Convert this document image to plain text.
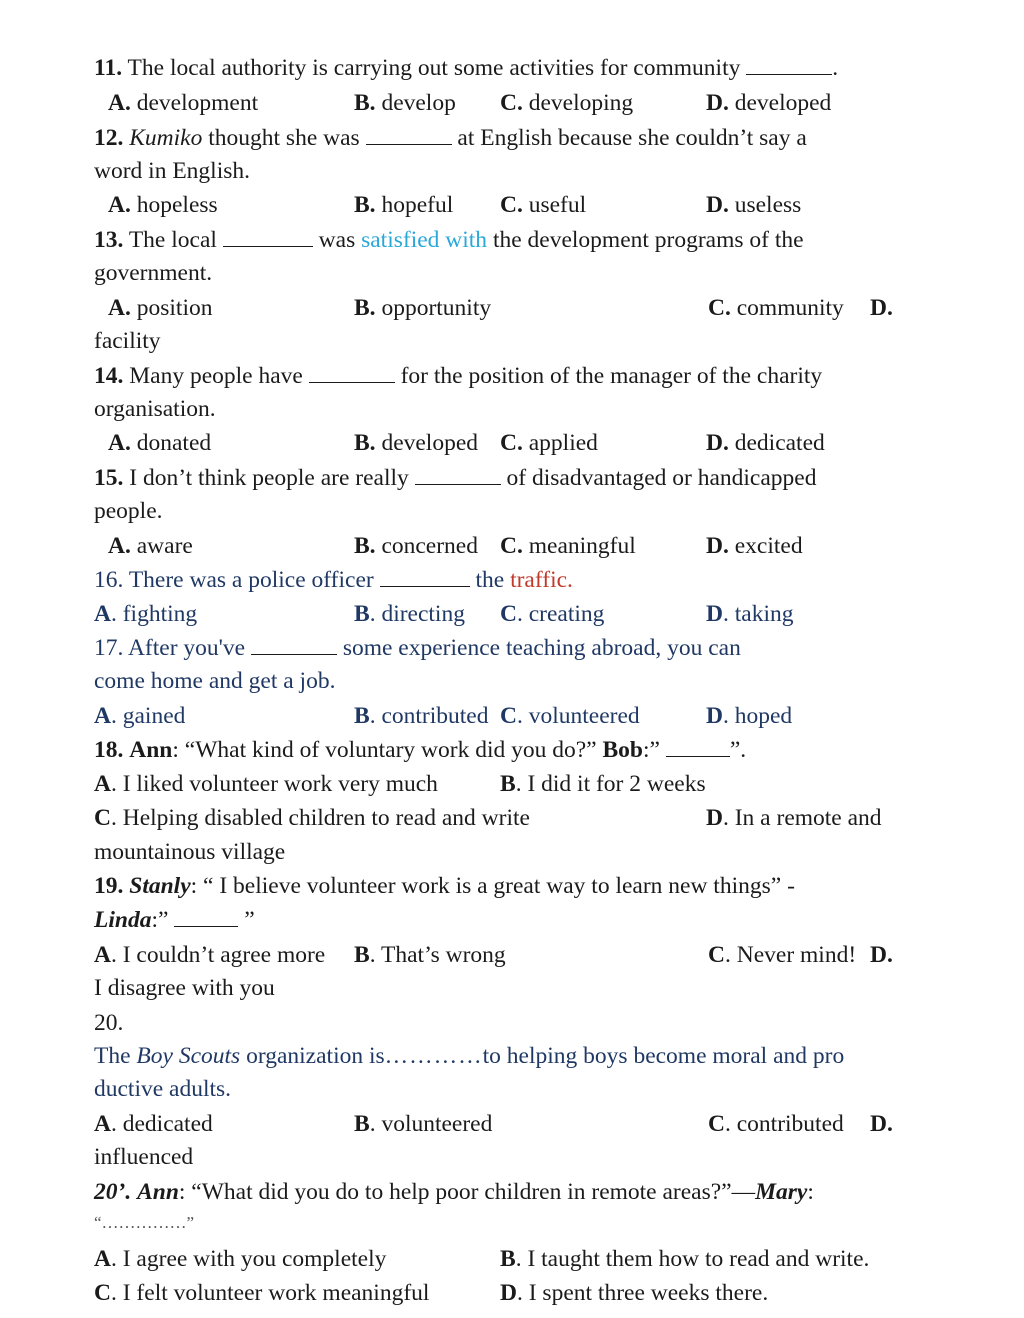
11. The local authority is carrying out some activities for community	.
A. development	B. develop C. developing	D. developed
12. Kumiko thought she was	at English because she couldn’t say a
word in English.
A. hopeless	B. hopeful C. useful	D. useless
13. The local	was satisfied with the development programs of the
government.
A. position	B. opportunity	C. community D.
facility
14. Many people have	for the position of the manager of the charity
organisation.
A. donated	B. developed C. applied	D. dedicated
15. I don’t think people are really	of disadvantaged or handicapped
people.
A. aware	B. concerned C. meaningful	D. excited
16. There was a police officer	the traffic.
A. fighting	B. directing C. creating	D. taking
17. After you've	some experience teaching abroad, you can
come home and get a job.
A. gained	B. contributed C. volunteered	D. hoped
18. Ann: “What kind of voluntary work did you do?” Bob:”	”.
A. I liked volunteer work very much	B. I did it for 2 weeks
C. Helping disabled children to read and write	D. In a remote and
mountainous village
19. Stanly: “ I believe volunteer work is a great way to learn new things” -
Linda:”	”
A. I couldn’t agree more B. That’s wrong	C. Never mind! D.
I disagree with you
20.
The Boy Scouts organization is…………to helping boys become moral and pro
ductive adults.
A. dedicated	B. volunteered	C. contributed D.
influenced
20’. Ann: “What did you do to help poor children in remote areas?”—Mary:
“……………”
A. I agree with you completely	B. I taught them how to read and write.
C. I felt volunteer work meaningful	D. I spent three weeks there.
